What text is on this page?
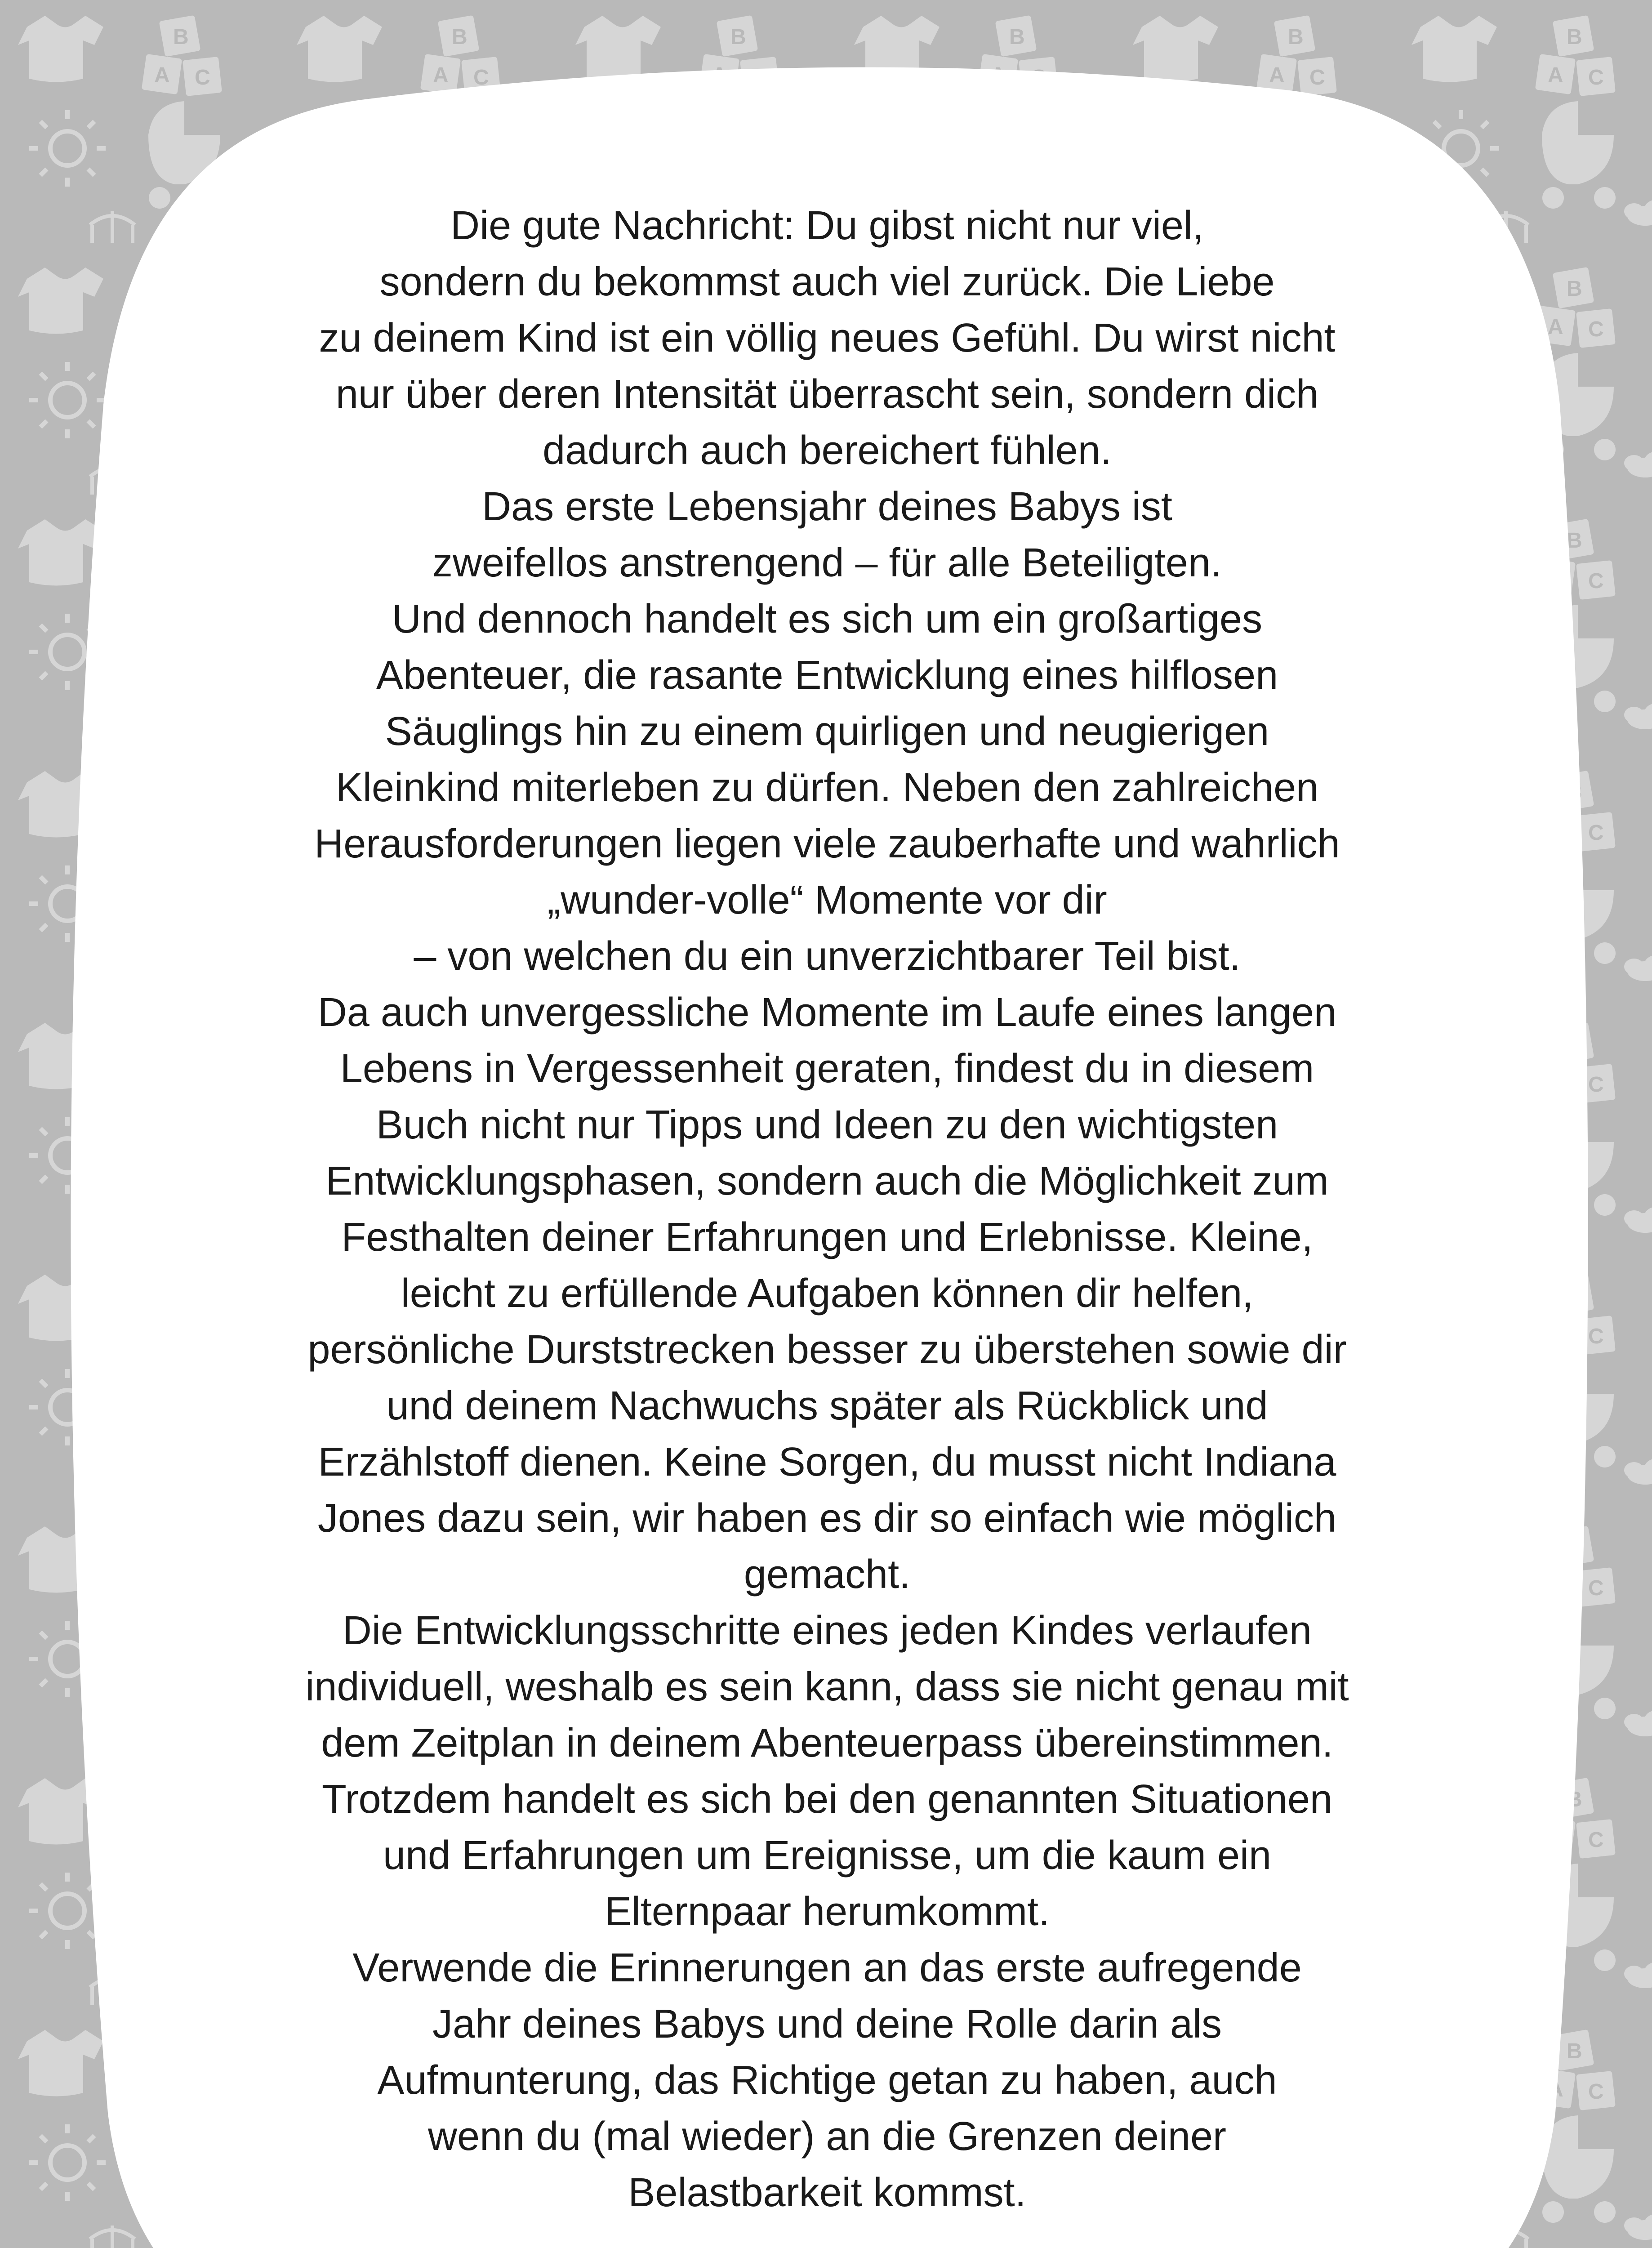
Die gute Nachricht: Du gibst nicht nur viel,
sondern du bekommst auch viel zurück. Die Liebe
zu deinem Kind ist ein völlig neues Gefühl. Du wirst nicht
nur über deren Intensität überrascht sein, sondern dich
dadurch auch bereichert fühlen.

Das erste Lebensjahr deines Babys ist
zweifellos anstrengend – für alle Beteiligten.
Und dennoch handelt es sich um ein großartiges
Abenteuer, die rasante Entwicklung eines hilflosen
Säuglings hin zu einem quirligen und neugierigen
Kleinkind miterleben zu dürfen. Neben den zahlreichen
Herausforderungen liegen viele zauberhafte und wahrlich
„wunder-volle“ Momente vor dir
– von welchen du ein unverzichtbarer Teil bist.

Da auch unvergessliche Momente im Laufe eines langen
Lebens in Vergessenheit geraten, findest du in diesem
Buch nicht nur Tipps und Ideen zu den wichtigsten
Entwicklungsphasen, sondern auch die Möglichkeit zum
Festhalten deiner Erfahrungen und Erlebnisse. Kleine,
leicht zu erfüllende Aufgaben können dir helfen,
persönliche Durststrecken besser zu überstehen sowie dir
und deinem Nachwuchs später als Rückblick und
Erzählstoff dienen. Keine Sorgen, du musst nicht Indiana
Jones dazu sein, wir haben es dir so einfach wie möglich
gemacht.

Die Entwicklungsschritte eines jeden Kindes verlaufen
individuell, weshalb es sein kann, dass sie nicht genau mit
dem Zeitplan in deinem Abenteuerpass übereinstimmen.
Trotzdem handelt es sich bei den genannten Situationen
und Erfahrungen um Ereignisse, um die kaum ein
Elternpaar herumkommt.

Verwende die Erinnerungen an das erste aufregende
Jahr deines Babys und deine Rolle darin als
Aufmunterung, das Richtige getan zu haben, auch
wenn du (mal wieder) an die Grenzen deiner
Belastbarkeit kommst.
